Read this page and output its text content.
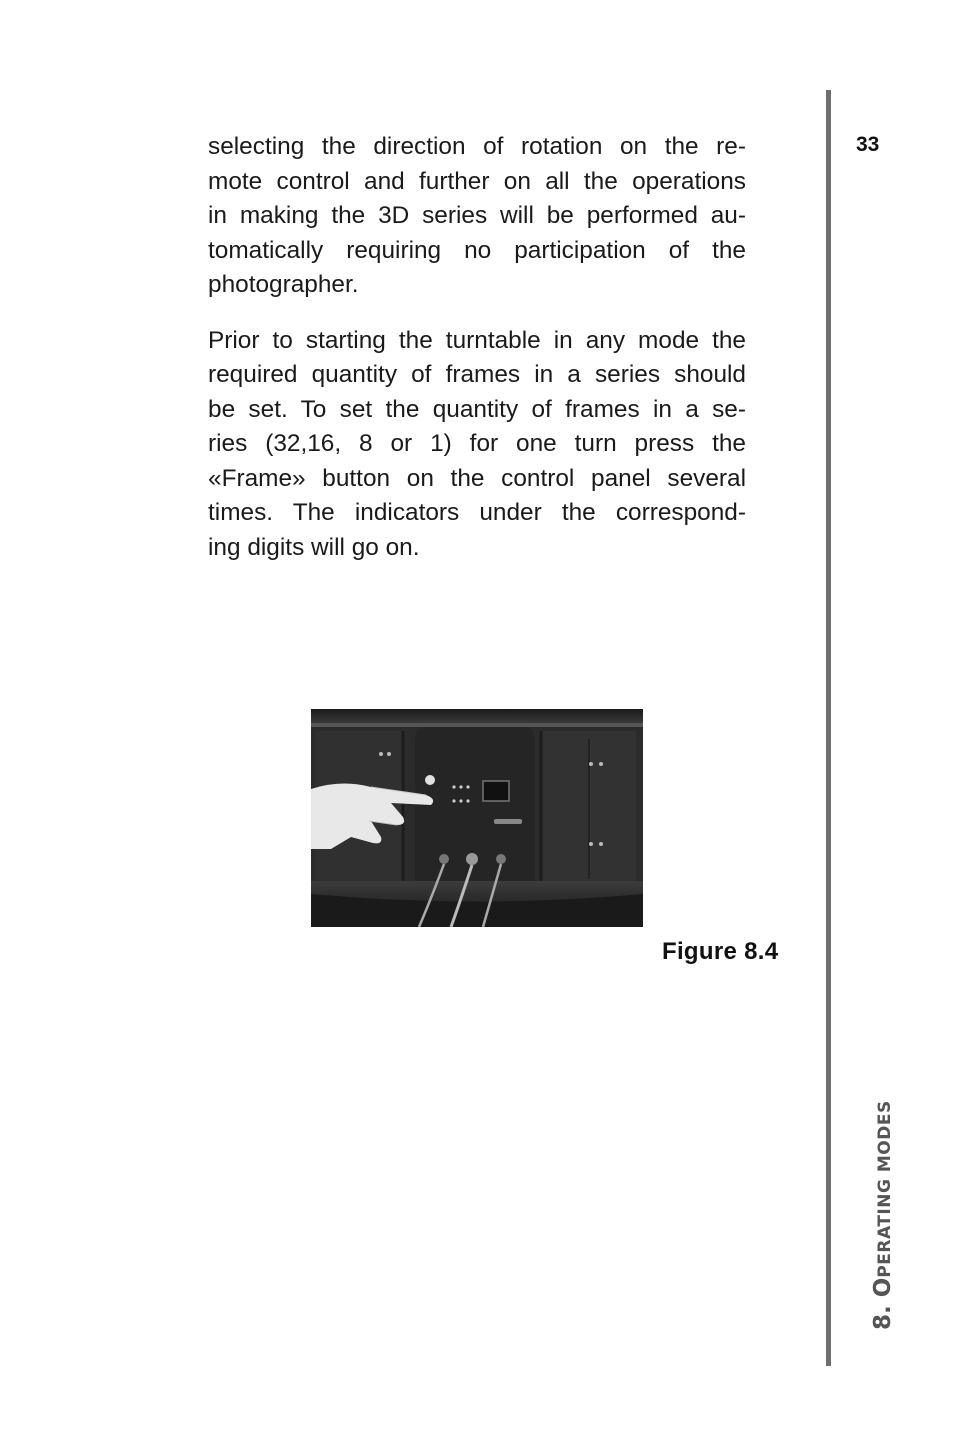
33
8. OPERATING MODES

selecting the direction of rotation on the re-
mote control and further on all the operations
in making the 3D series will be performed au-
tomatically requiring no participation of the
photographer.

Prior to starting the turntable in any mode the
required quantity of frames in a series should
be set. To set the quantity of frames in a se-
ries (32,16, 8 or 1) for one turn press the
«Frame» button on the control panel several
times. The indicators under the correspond-
ing digits will go on.

Figure 8.4
